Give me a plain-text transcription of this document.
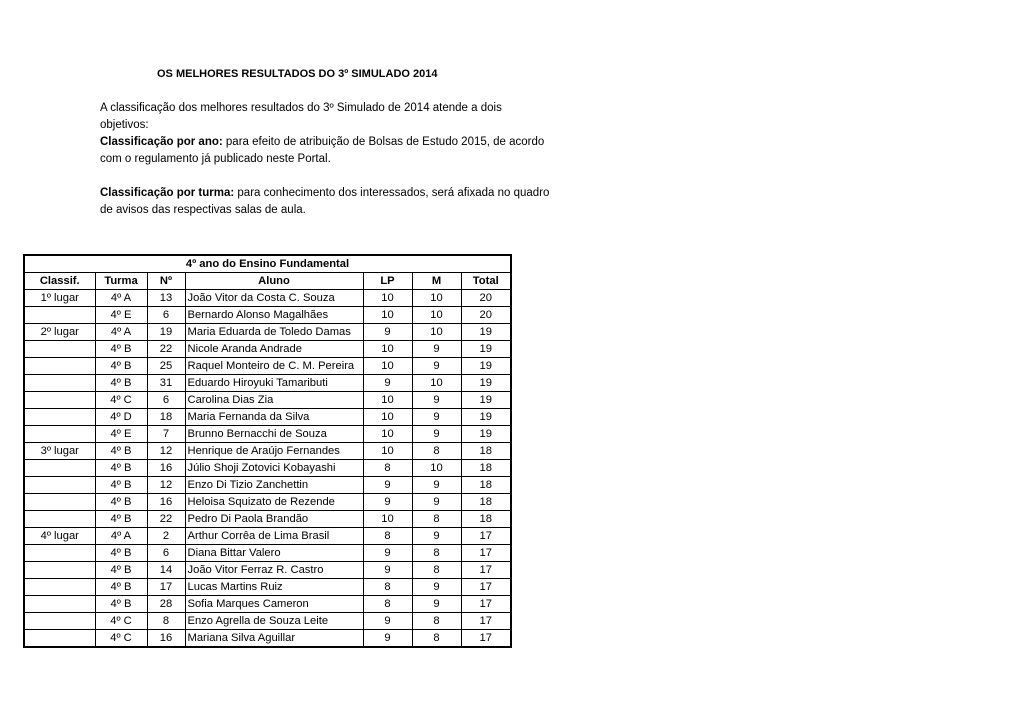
OS MELHORES RESULTADOS DO 3º SIMULADO 2014
A classificação dos melhores resultados do 3º Simulado de 2014 atende a dois objetivos:
Classificação por ano: para efeito de atribuição de Bolsas de Estudo 2015, de acordo com o regulamento já publicado neste Portal.
Classificação por turma: para conhecimento dos interessados, será afixada no quadro de avisos das respectivas salas de aula.
4º ano do Ensino Fundamental						
Classif.	Turma	Nº	Aluno	LP	M	Total
1º lugar	4º A	13	João Vitor da Costa C. Souza	10	10	20
	4º E	6	Bernardo Alonso Magalhães	10	10	20
2º lugar	4º A	19	Maria Eduarda de Toledo Damas	9	10	19
	4º B	22	Nicole Aranda Andrade	10	9	19
	4º B	25	Raquel Monteiro de C. M. Pereira	10	9	19
	4º B	31	Eduardo Hiroyuki Tamaributi	9	10	19
	4º C	6	Carolina Dias Zia	10	9	19
	4º D	18	Maria Fernanda da Silva	10	9	19
	4º E	7	Brunno Bernacchi de Souza	10	9	19
3º lugar	4º B	12	Henrique de Araújo Fernandes	10	8	18
	4º B	16	Júlio Shoji Zotovici Kobayashi	8	10	18
	4º B	12	Enzo Di Tizio Zanchettin	9	9	18
	4º B	16	Heloisa Squizato de Rezende	9	9	18
	4º B	22	Pedro Di Paola Brandão	10	8	18
4º lugar	4º A	2	Arthur Corrêa de Lima Brasil	8	9	17
	4º B	6	Diana Bittar Valero	9	8	17
	4º B	14	João Vitor Ferraz R. Castro	9	8	17
	4º B	17	Lucas Martins Ruiz	8	9	17
	4º B	28	Sofia Marques Cameron	8	9	17
	4º C	8	Enzo Agrella de Souza Leite	9	8	17
	4º C	16	Mariana Silva Aguillar	9	8	17
